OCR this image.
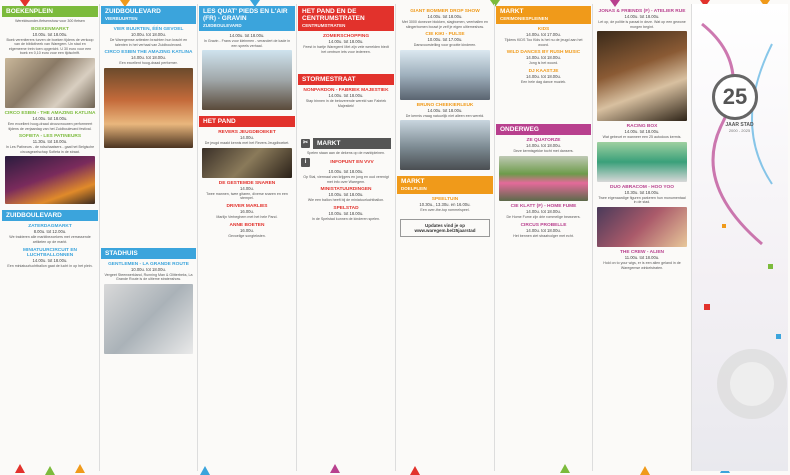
BOEKENPLEIN
Wereldwonder-fietsenshow voor 300 fietsen
BOEKENMARKT
10.00u. tot 18.00u.
Boek vereniterers turven de boeken tijdens de verkoop van de bibliotheek van Waregem. Un stad en elgemeene trein toen opgericht. U 30 euro voor een boek en 0,10 euro voor een tijdschrift.
CIRCO ESBIN - THE AMAZING KATLINA
14.00u. tot 18.00u.
Een excellent hoog-draad circusvrouwen performeert tijdens de verjaardag van het Zuidboulevard festival.
SOFIETA - LES PATINEURS
11.30u. tot 18.00u.
In Les Patineurs - de rolschaatsers - gaat het Belgische circusgezelschap Sofieta in de straat.
ZUIDBOULEVARD
ZATERDAGMARKT
8.00u. tot 12.00u.
We trakteren alle marktbezoekers met verrassende artikelen op de markt.
MINIATUURCIRCUIT EN LUCHTBALLONNEN
14.00u. tot 18.00u.
Een miniatuurluchtballon gaat de lucht in op het plein.
ZUIDBOULEVARD
VIERBUURTEN
VIER BUURTEN, ÉÉN GEVOEL
10.00u. tot 18.00u.
De Waregemse artiesten brachten hun kracht en talenten in het verhaal van Zuidboulevard.
CIRCO ESBIN THE AMAZING KATLINA
14.00u. tot 18.00u.
Een excellent hoog-draad performer.
STADHUIS
GENTLEMEN - LA GRANDE ROUTE
10.00u. tot 18.00u.
Vergeet Steenwerkland, Running Man & Glitterbeks, La Grande Route is de ultieme stratenshow.
LES QUAT' PIEDS EN L'AIR (FR) - GRAVIN
ZUIDBOULEVARD
14.00u. tot 18.00u.
In Gravin - Frans voor kleinmen - verandert de kade in een speels verhaal.
HET PAND
REVERS JEUGDBOEKET
14.00u.
De jeugd maakt kennis met het Revers Jeugdboeket.
DE GESTEMDE SNAREN
14.00u.
Twee mannen, twee gitaren, diverse snaren en een stempel.
DRIVER MARLIES
16.00u.
Marlijn Verbeghem met het hele Pand.
ANNE BOETEN
16.00u.
Gevoelige songteksten.
HET PAND EN DE CENTRUMSTRATEN
CENTRUMSTRATEN
ZOMERSCHOPPING
14.00u. tot 18.00u.
Feest in hartje Waregem! Met zijn vele werelden biedt het centrum iets voor iedereen.
STORMESTRAAT
NONPARDON - FABRIEK MAJESTIEK
14.00u. tot 18.00u.
Stap binnen in de betoverende wereld van Fabriek Majestiek!
✂	MARKT
Spelen staan aan de dekens op de marktpleinen.
i	INFOPUNT EN VVV
10.00u. tot 18.00u.
Op Stal, viermaal van krijgers en jong en oud verenigt met info over Waregem.
MINISTATUURDINGEN
10.00u. tot 18.00u.
Wie een ballon heeft bij de miniatuurluchtballon.
SPELSTAD
10.00u. tot 18.00u.
In de Spelstad kunnen de kinderen spelen.
GIANT BOMMER DROP SHOW
14.00u. tot 18.00u.
Met 3000 donezze blokken, slagbomen, veerballen en slingerbomen bouwt je zelf je eigen ultiemeshow.
CIE KIKI - PULSE
10.00u. tot 17.00u.
Dansvoorstelling voor grootte kinderen.
BRUNO CHEEKIERLEUK
14.00u. tot 18.00u.
De kermis vraag natuurlijk niet alleen een wereld.
MARKT
DOELPLEIN
SPEELTUIN
10.30u., 13.30u. en 16.00u.
Een over-the-top rommelspeel.
Updates vind je op www.waregem.be/25jaarstad
MARKT
CERIMONIESPLEINEN
KIDS
14.00u. tot 17.00u.
Tijdens KIDS Too Kids is het nu de jeugd aan het woord.
WILD DANCES BY RUSH MUSIC
14.00u. tot 18.00u.
Jong is het woord.
DJ KAASTJE
14.00u. tot 18.00u.
Een hele dag dance muziek.
ONDERWEG
ZE QUATORZE
14.00u. tot 18.00u.
Deze kermisgekke tocht met dansers.
CIE KLATT (F) - HOME FUME
14.00u. tot 18.00u.
De Home Fume zijn drie rommelige bewoners.
CIRCUS PROBELLE
14.00u. tot 18.00u.
Het bennen ziet straatvolger met echt.
JONAS & FRIENDS (F) - ATELIER RUE
14.00u. tot 18.00u.
Let op, de politie is paraat in deze. Wat op een gewone morgen begint.
RACING BOX
14.00u. tot 18.00u.
Wat gebeurt er wanneer een 25 autodoos kermis.
DUO ABRACOM - HOO YOO
10.30u. tot 18.00u.
Twee eigenaardige figuren parkeren hun monumentaal in de stad.
THE CREW - ALIEN
11.00u. tot 18.00u.
Hold on to your wigs, er is een alien geland in de Waregemse winkelstraten.
25
JAAR STAD
2000 - 2025
